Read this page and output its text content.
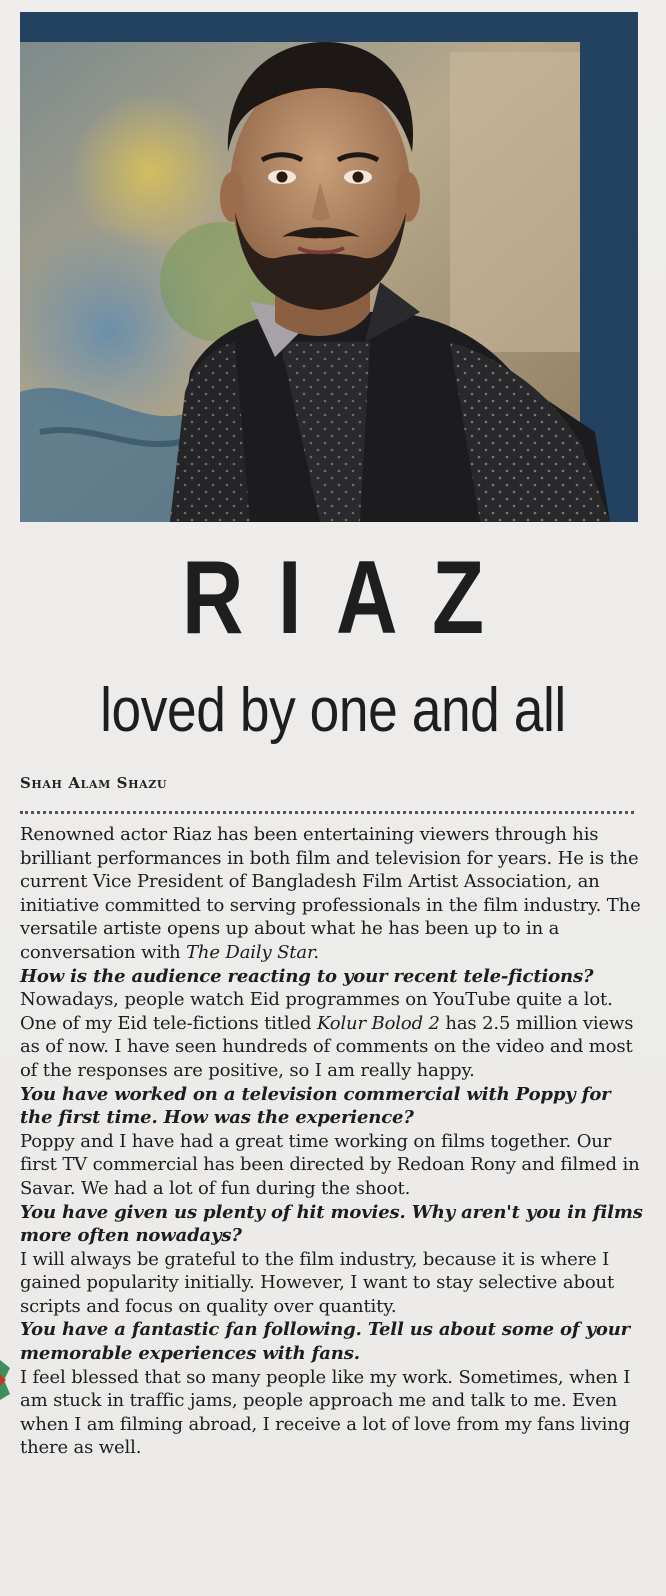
RIAZ
loved by one and all
Shah Alam Shazu

Renowned actor Riaz has been entertaining viewers through his brilliant performances in both film and television for years. He is the current Vice President of Bangladesh Film Artist Association, an initiative committed to serving professionals in the film industry. The versatile artiste opens up about what he has been up to in a conversation with The Daily Star.

How is the audience reacting to your recent tele-fictions?

Nowadays, people watch Eid programmes on YouTube quite a lot. One of my Eid tele-fictions titled Kolur Bolod 2 has 2.5 million views as of now. I have seen hundreds of comments on the video and most of the responses are positive, so I am really happy.

You have worked on a television commercial with Poppy for the first time. How was the experience?

Poppy and I have had a great time working on films together. Our first TV commercial has been directed by Redoan Rony and filmed in Savar. We had a lot of fun during the shoot.

You have given us plenty of hit movies. Why aren't you in films more often nowadays?

I will always be grateful to the film industry, because it is where I gained popularity initially. However, I want to stay selective about scripts and focus on quality over quantity.

You have a fantastic fan following. Tell us about some of your memorable experiences with fans.

I feel blessed that so many people like my work. Sometimes, when I am stuck in traffic jams, people approach me and talk to me. Even when I am filming abroad, I receive a lot of love from my fans living there as well.
